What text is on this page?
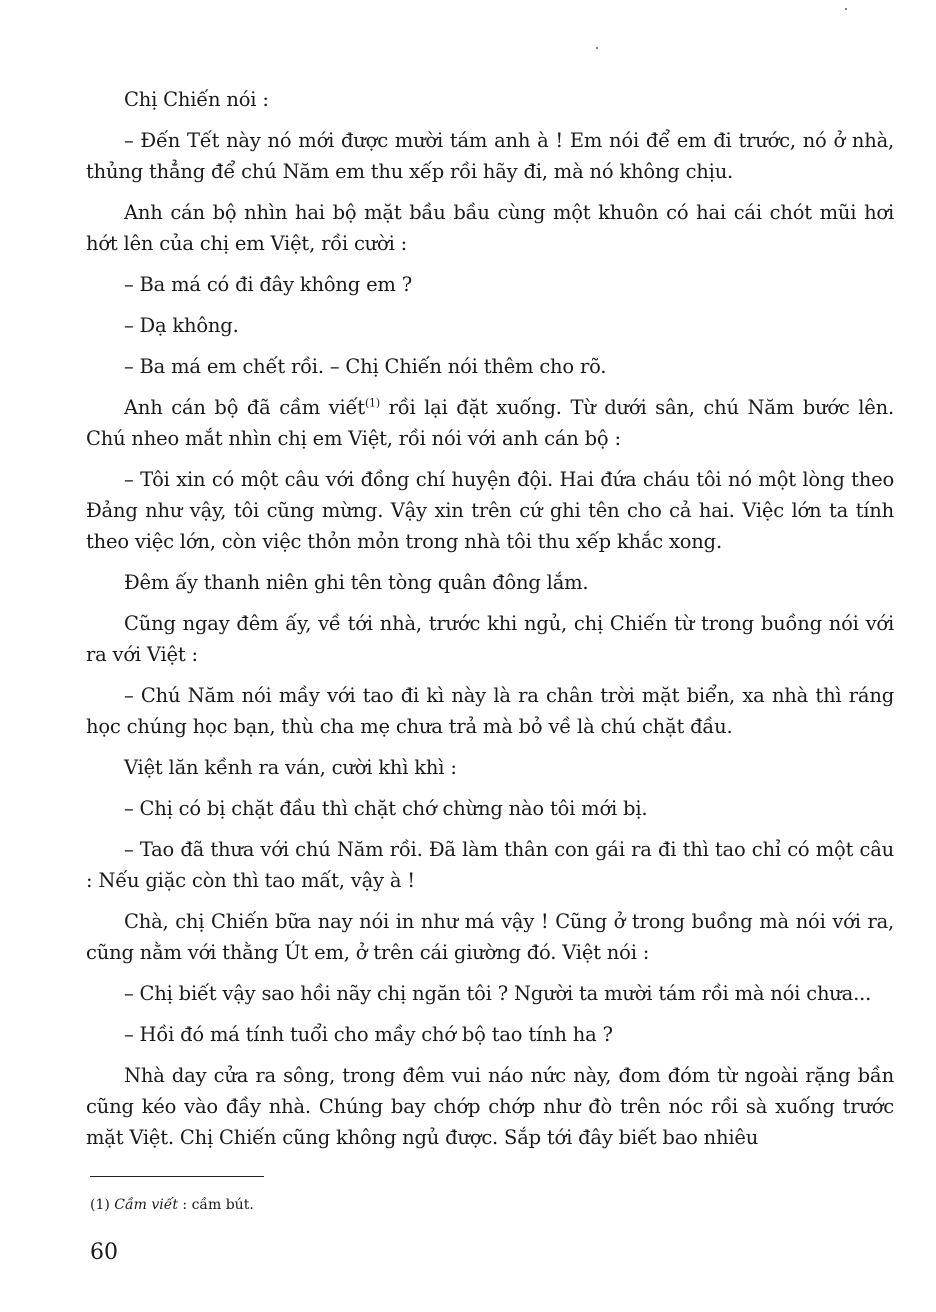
Chị Chiến nói :

– Đến Tết này nó mới được mười tám anh à ! Em nói để em đi trước, nó ở nhà, thủng thẳng để chú Năm em thu xếp rồi hãy đi, mà nó không chịu.

Anh cán bộ nhìn hai bộ mặt bầu bầu cùng một khuôn có hai cái chót mũi hơi hớt lên của chị em Việt, rồi cười :

– Ba má có đi đây không em ?

– Dạ không.

– Ba má em chết rồi. – Chị Chiến nói thêm cho rõ.

Anh cán bộ đã cầm viết$^{(1)}$ rồi lại đặt xuống. Từ dưới sân, chú Năm bước lên. Chú nheo mắt nhìn chị em Việt, rồi nói với anh cán bộ :

– Tôi xin có một câu với đồng chí huyện đội. Hai đứa cháu tôi nó một lòng theo Đảng như vậy, tôi cũng mừng. Vậy xin trên cứ ghi tên cho cả hai. Việc lớn ta tính theo việc lớn, còn việc thỏn mỏn trong nhà tôi thu xếp khắc xong.

Đêm ấy thanh niên ghi tên tòng quân đông lắm.

Cũng ngay đêm ấy, về tới nhà, trước khi ngủ, chị Chiến từ trong buồng nói với ra với Việt :

– Chú Năm nói mầy với tao đi kì này là ra chân trời mặt biển, xa nhà thì ráng học chúng học bạn, thù cha mẹ chưa trả mà bỏ về là chú chặt đầu.

Việt lăn kềnh ra ván, cười khì khì :

– Chị có bị chặt đầu thì chặt chớ chừng nào tôi mới bị.

– Tao đã thưa với chú Năm rồi. Đã làm thân con gái ra đi thì tao chỉ có một câu : Nếu giặc còn thì tao mất, vậy à !

Chà, chị Chiến bữa nay nói in như má vậy ! Cũng ở trong buồng mà nói với ra, cũng nằm với thằng Út em, ở trên cái giường đó. Việt nói :

– Chị biết vậy sao hồi nãy chị ngăn tôi ? Người ta mười tám rồi mà nói chưa...

– Hồi đó má tính tuổi cho mầy chớ bộ tao tính ha ?

Nhà day cửa ra sông, trong đêm vui náo nức này, đom đóm từ ngoài rặng bần cũng kéo vào đầy nhà. Chúng bay chớp chớp như đò trên nóc rồi sà xuống trước mặt Việt. Chị Chiến cũng không ngủ được. Sắp tới đây biết bao nhiêu

(1) Cầm viết : cầm bút.
60
